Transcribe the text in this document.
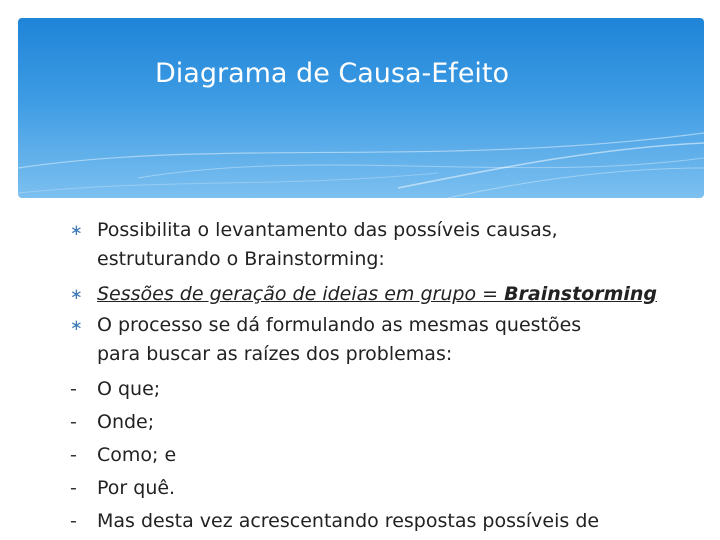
Diagrama de Causa-Efeito
∗ Possibilita o levantamento das possíveis causas,
estruturando o Brainstorming:
∗ Sessões de geração de ideias em grupo = Brainstorming
∗ O processo se dá formulando as mesmas questões
para buscar as raízes dos problemas:
-	O que;
-	Onde;
-	Como; e
-	Por quê.
-	Mas desta vez acrescentando respostas possíveis de
